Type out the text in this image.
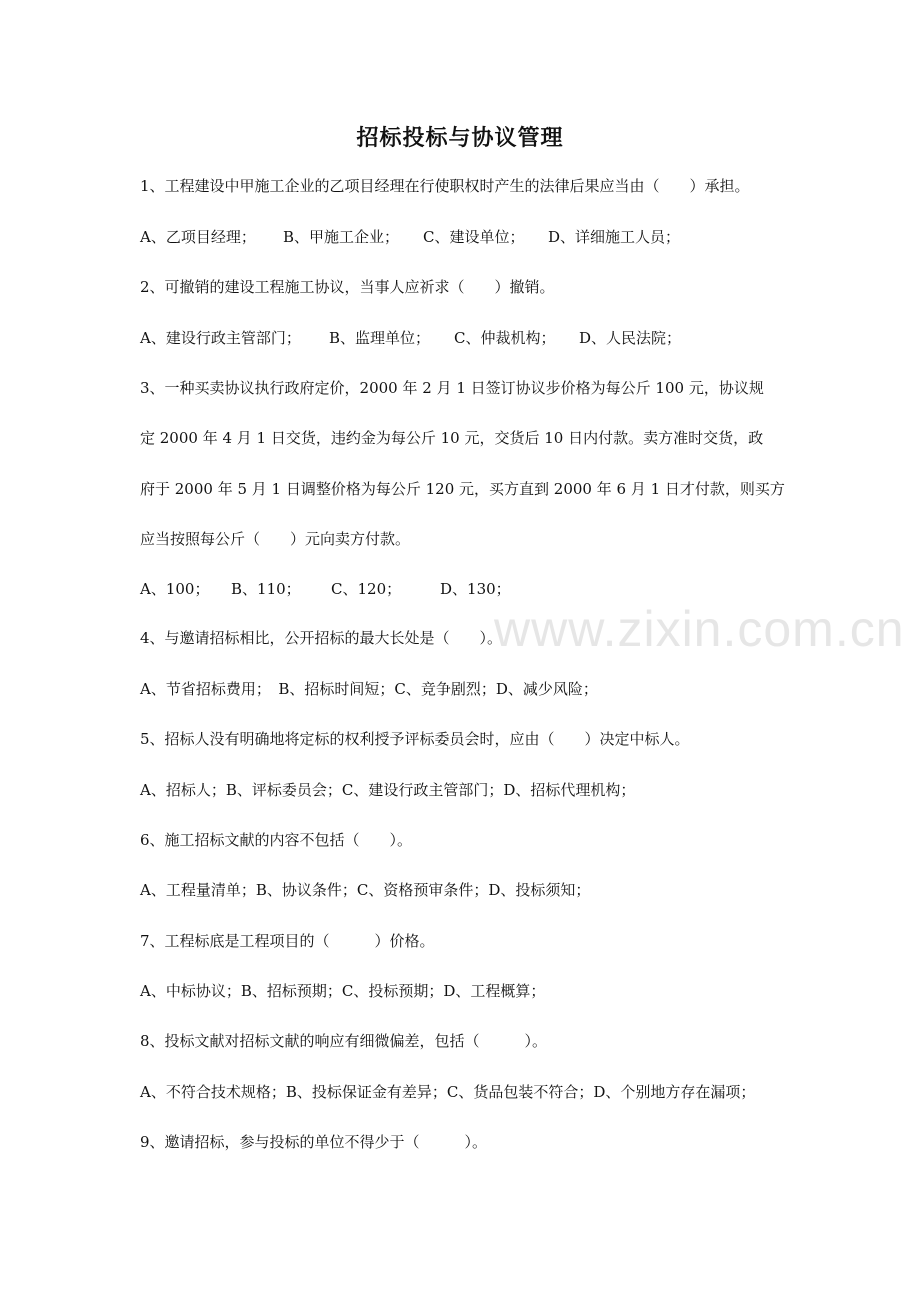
www.zixin.com.cn
招标投标与协议管理
1、工程建设中甲施工企业的乙项目经理在行使职权时产生的法律后果应当由（　　）承担。
A、乙项目经理； B、甲施工企业； C、建设单位； D、详细施工人员；
2、可撤销的建设工程施工协议，当事人应祈求（　　）撤销。
A、建设行政主管部门； B、监理单位； C、仲裁机构； D、人民法院；
3、一种买卖协议执行政府定价，2000 年 2 月 1 日签订协议步价格为每公斤 100 元，协议规
定 2000 年 4 月 1 日交货，违约金为每公斤 10 元，交货后 10 日内付款。卖方准时交货，政
府于 2000 年 5 月 1 日调整价格为每公斤 120 元，买方直到 2000 年 6 月 1 日才付款，则买方
应当按照每公斤（　　）元向卖方付款。
A、100； B、110； C、120；	D、130；
4、与邀请招标相比，公开招标的最大长处是（　　）。
A、节省招标费用；　B、招标时间短；C、竞争剧烈；D、减少风险；
5、招标人没有明确地将定标的权利授予评标委员会时，应由（　　）决定中标人。
A、招标人；B、评标委员会；C、建设行政主管部门；D、招标代理机构；
6、施工招标文献的内容不包括（　　）。
A、工程量清单；B、协议条件；C、资格预审条件；D、投标须知；
7、工程标底是工程项目的（　　　）价格。
A、中标协议；B、招标预期；C、投标预期；D、工程概算；
8、投标文献对招标文献的响应有细微偏差，包括（　　　）。
A、不符合技术规格；B、投标保证金有差异；C、货品包装不符合；D、个别地方存在漏项；
9、邀请招标，参与投标的单位不得少于（　　　）。
